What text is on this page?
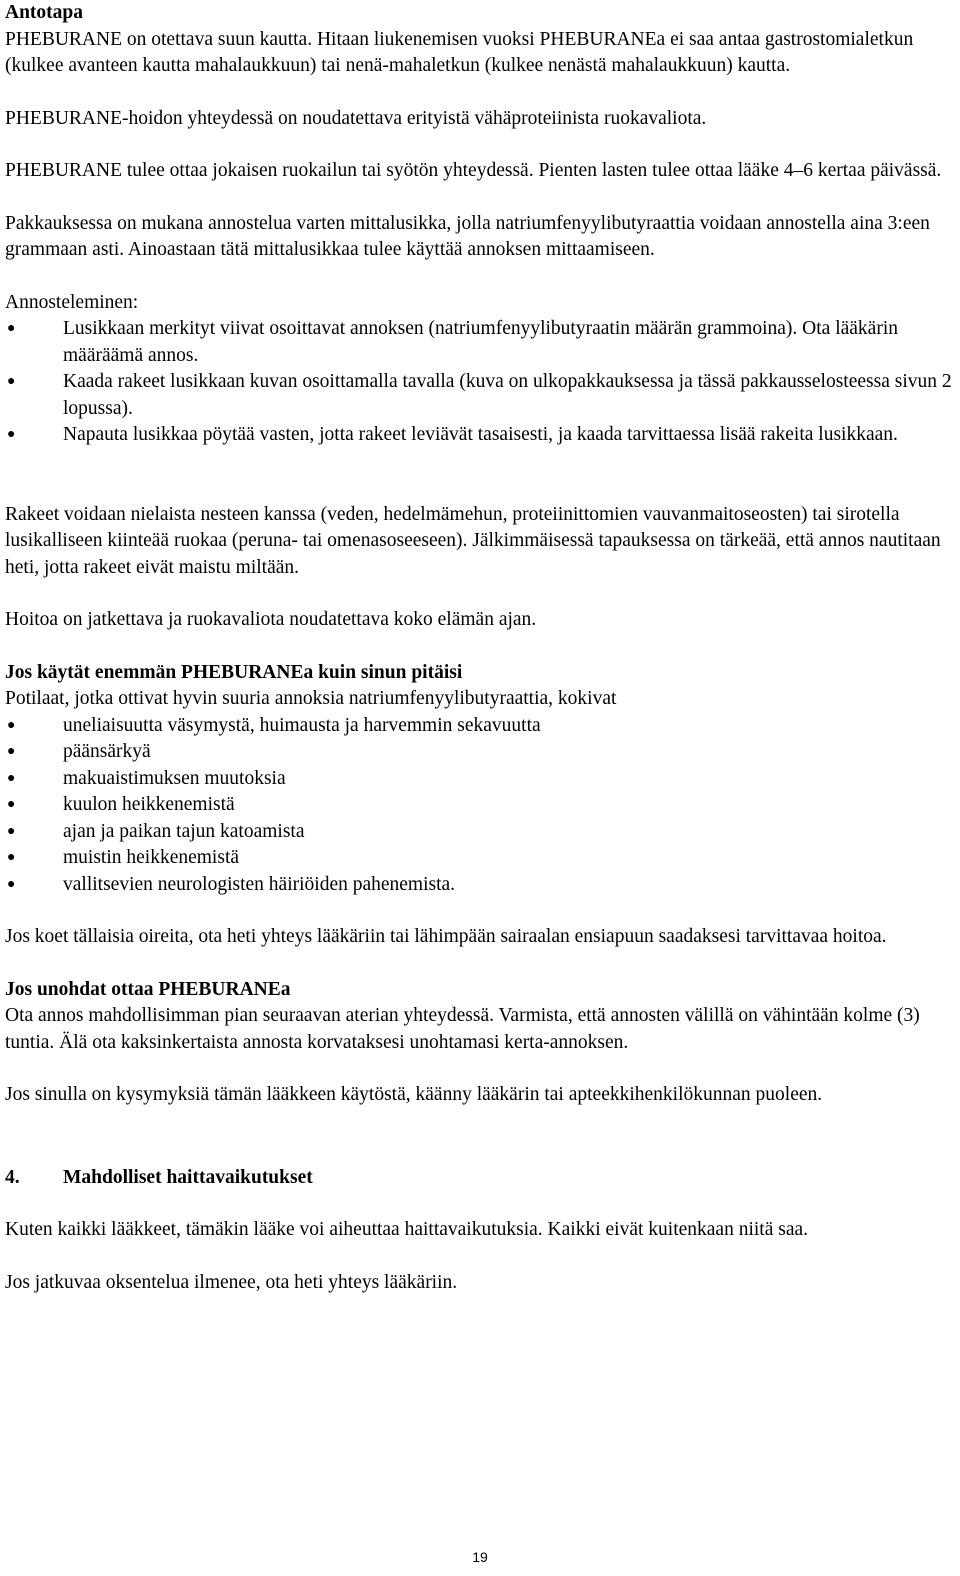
Antotapa

PHEBURANE on otettava suun kautta. Hitaan liukenemisen vuoksi PHEBURANEa ei saa antaa gastrostomialetkun (kulkee avanteen kautta mahalaukkuun) tai nenä-mahaletkun (kulkee nenästä mahalaukkuun) kautta.

PHEBURANE-hoidon yhteydessä on noudatettava erityistä vähäproteiinista ruokavaliota.

PHEBURANE tulee ottaa jokaisen ruokailun tai syötön yhteydessä. Pienten lasten tulee ottaa lääke 4–6 kertaa päivässä.

Pakkauksessa on mukana annostelua varten mittalusikka, jolla natriumfenyylibutyraattia voidaan annostella aina 3:een grammaan asti. Ainoastaan tätä mittalusikkaa tulee käyttää annoksen mittaamiseen.

Annosteleminen:

●	Lusikkaan merkityt viivat osoittavat annoksen (natriumfenyylibutyraatin määrän grammoina). Ota lääkärin määräämä annos.
●	Kaada rakeet lusikkaan kuvan osoittamalla tavalla (kuva on ulkopakkauksessa ja tässä pakkausselosteessa sivun 2 lopussa).
●	Napauta lusikkaa pöytää vasten, jotta rakeet leviävät tasaisesti, ja kaada tarvittaessa lisää rakeita lusikkaan.

Rakeet voidaan nielaista nesteen kanssa (veden, hedelmämehun, proteiinittomien vauvanmaitoseosten) tai sirotella lusikalliseen kiinteää ruokaa (peruna- tai omenasoseeseen). Jälkimmäisessä tapauksessa on tärkeää, että annos nautitaan heti, jotta rakeet eivät maistu miltään.

Hoitoa on jatkettava ja ruokavaliota noudatettava koko elämän ajan.

Jos käytät enemmän PHEBURANEa kuin sinun pitäisi

Potilaat, jotka ottivat hyvin suuria annoksia natriumfenyylibutyraattia, kokivat

●	uneliaisuutta väsymystä, huimausta ja harvemmin sekavuutta
●	päänsärkyä
●	makuaistimuksen muutoksia
●	kuulon heikkenemistä
●	ajan ja paikan tajun katoamista
●	muistin heikkenemistä
●	vallitsevien neurologisten häiriöiden pahenemista.

Jos koet tällaisia oireita, ota heti yhteys lääkäriin tai lähimpään sairaalan ensiapuun saadaksesi tarvittavaa hoitoa.

Jos unohdat ottaa PHEBURANEa

Ota annos mahdollisimman pian seuraavan aterian yhteydessä. Varmista, että annosten välillä on vähintään kolme (3) tuntia. Älä ota kaksinkertaista annosta korvataksesi unohtamasi kerta-annoksen.

Jos sinulla on kysymyksiä tämän lääkkeen käytöstä, käänny lääkärin tai apteekkihenkilökunnan puoleen.

4.	Mahdolliset haittavaikutukset

Kuten kaikki lääkkeet, tämäkin lääke voi aiheuttaa haittavaikutuksia. Kaikki eivät kuitenkaan niitä saa.

Jos jatkuvaa oksentelua ilmenee, ota heti yhteys lääkäriin.

19
